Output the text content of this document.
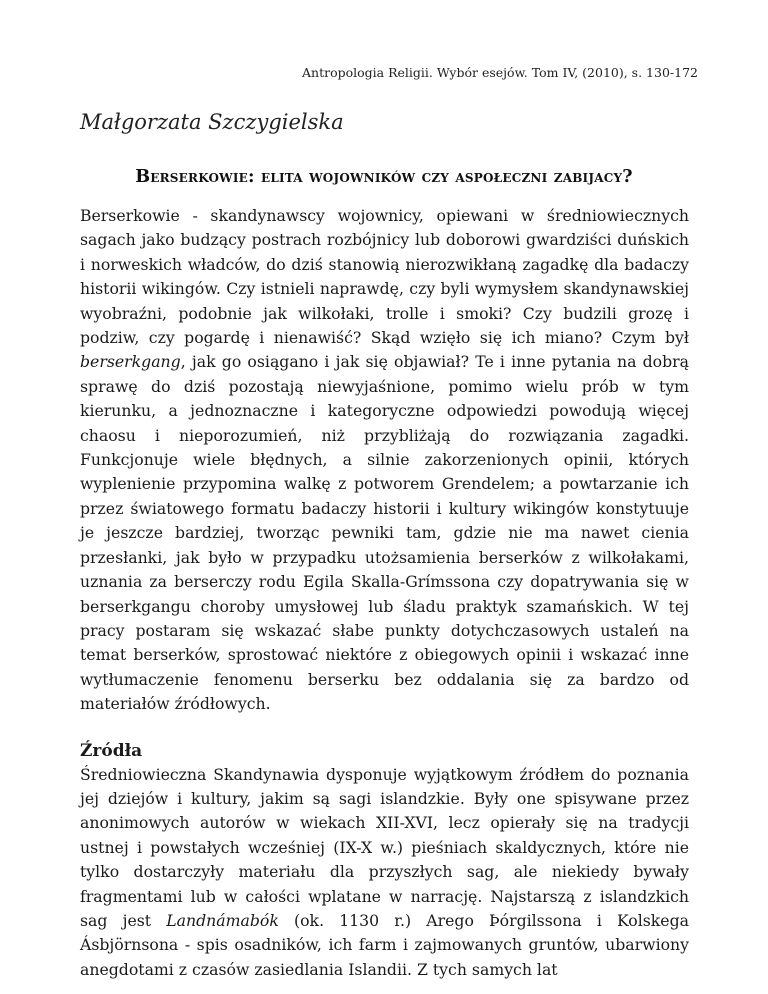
Antropologia Religii. Wybór esejów. Tom IV, (2010), s. 130-172
Małgorzata Szczygielska
Berserkowie: elita wojowników czy aspołeczni zabijacy?

Berserkowie - skandynawscy wojownicy, opiewani w średniowiecznych sagach jako budzący postrach rozbójnicy lub doborowi gwardziści duńskich i norweskich władców, do dziś stanowią nierozwikłaną zagadkę dla badaczy historii wikingów. Czy istnieli naprawdę, czy byli wymysłem skandynawskiej wyobraźni, podobnie jak wilkołaki, trolle i smoki? Czy budzili grozę i podziw, czy pogardę i nienawiść? Skąd wzięło się ich miano? Czym był berserkgang, jak go osiągano i jak się objawiał? Te i inne pytania na dobrą sprawę do dziś pozostają niewyjaśnione, pomimo wielu prób w tym kierunku, a jednoznaczne i kategoryczne odpowiedzi powodują więcej chaosu i nieporozumień, niż przybliżają do rozwiązania zagadki. Funkcjonuje wiele błędnych, a silnie zakorzenionych opinii, których wyplenienie przypomina walkę z potworem Grendelem; a powtarzanie ich przez światowego formatu badaczy historii i kultury wikingów konstytuuje je jeszcze bardziej, tworząc pewniki tam, gdzie nie ma nawet cienia przesłanki, jak było w przypadku utożsamienia berserków z wilkołakami, uznania za berserczy rodu Egila Skalla-Grímssona czy dopatrywania się w berserkgangu choroby umysłowej lub śladu praktyk szamańskich. W tej pracy postaram się wskazać słabe punkty dotychczasowych ustaleń na temat berserków, sprostować niektóre z obiegowych opinii i wskazać inne wytłumaczenie fenomenu berserku bez oddalania się za bardzo od materiałów źródłowych.

Źródła

Średniowieczna Skandynawia dysponuje wyjątkowym źródłem do poznania jej dziejów i kultury, jakim są sagi islandzkie. Były one spisywane przez anonimowych autorów w wiekach XII-XVI, lecz opierały się na tradycji ustnej i powstałych wcześniej (IX-X w.) pieśniach skaldycznych, które nie tylko dostarczyły materiału dla przyszłych sag, ale niekiedy bywały fragmentami lub w całości wplatane w narrację. Najstarszą z islandzkich sag jest Landnámabók (ok. 1130 r.) Arego Þórgilssona i Kolskega Ásbjörnsona - spis osadników, ich farm i zajmowanych gruntów, ubarwiony anegdotami z czasów zasiedlania Islandii. Z tych samych lat
